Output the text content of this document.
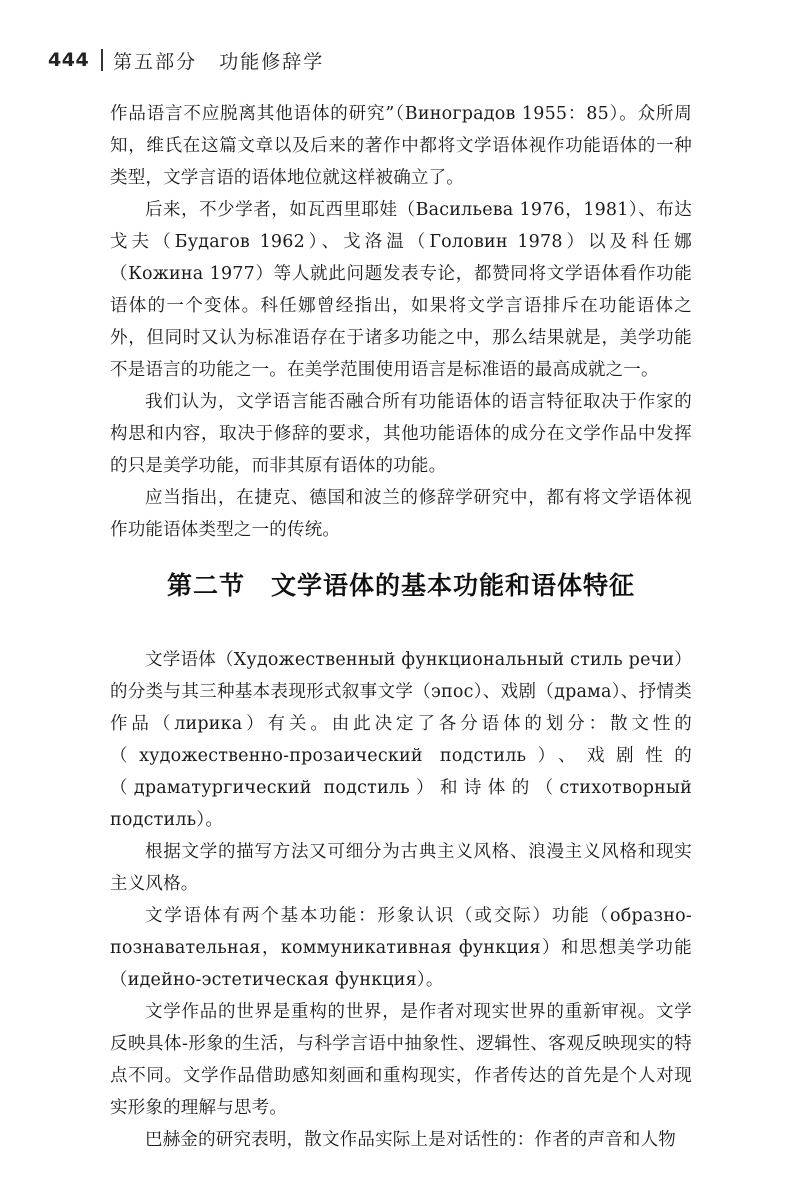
444 第五部分 功能修辞学

作品语言不应脱离其他语体的研究”（Виноградов 1955：85）。众所周知，维氏在这篇文章以及后来的著作中都将文学语体视作功能语体的一种类型，文学言语的语体地位就这样被确立了。

后来，不少学者，如瓦西里耶娃（Васильева 1976，1981）、布达戈夫（Будагов 1962）、戈洛温（Головин 1978）以及科任娜（Кожина 1977）等人就此问题发表专论，都赞同将文学语体看作功能语体的一个变体。科任娜曾经指出，如果将文学言语排斥在功能语体之外，但同时又认为标准语存在于诸多功能之中，那么结果就是，美学功能不是语言的功能之一。在美学范围使用语言是标准语的最高成就之一。

我们认为，文学语言能否融合所有功能语体的语言特征取决于作家的构思和内容，取决于修辞的要求，其他功能语体的成分在文学作品中发挥的只是美学功能，而非其原有语体的功能。

应当指出，在捷克、德国和波兰的修辞学研究中，都有将文学语体视作功能语体类型之一的传统。

第二节 文学语体的基本功能和语体特征

文学语体（Художественный функциональный стиль речи）的分类与其三种基本表现形式叙事文学（эпос）、戏剧（драма）、抒情类作品（лирика）有关。由此决定了各分语体的划分：散文性的（художественно-прозаический подстиль）、戏剧性的（драматургический подстиль）和诗体的（стихотворный подстиль）。

根据文学的描写方法又可细分为古典主义风格、浪漫主义风格和现实主义风格。

文学语体有两个基本功能：形象认识（或交际）功能（образно-познавательная，коммуникативная функция）和思想美学功能（идейно-эстетическая функция）。

文学作品的世界是重构的世界，是作者对现实世界的重新审视。文学反映具体-形象的生活，与科学言语中抽象性、逻辑性、客观反映现实的特点不同。文学作品借助感知刻画和重构现实，作者传达的首先是个人对现实形象的理解与思考。

巴赫金的研究表明，散文作品实际上是对话性的：作者的声音和人物
